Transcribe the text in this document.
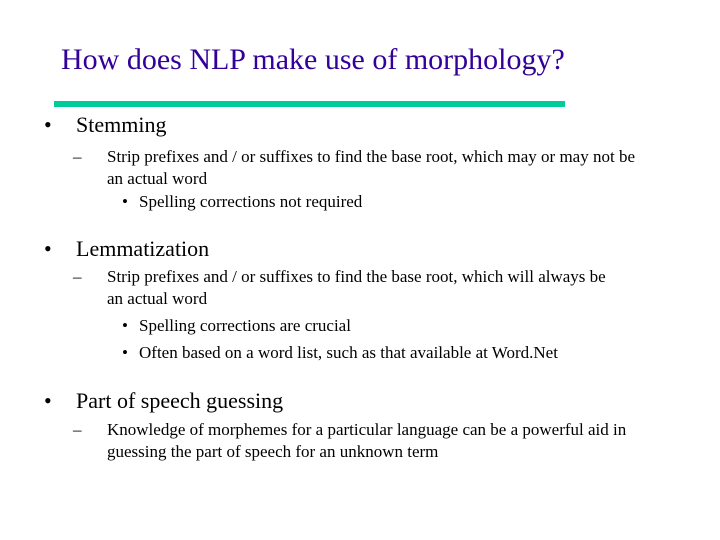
How does NLP make use of morphology?
• Stemming
– Strip prefixes and / or suffixes to find the base root, which may or may not be an actual word
• Spelling corrections not required
• Lemmatization
– Strip prefixes and / or suffixes to find the base root, which will always be an actual word
• Spelling corrections are crucial
• Often based on a word list, such as that available at Word.Net
• Part of speech guessing
– Knowledge of morphemes for a particular language can be a powerful aid in guessing the part of speech for an unknown term
